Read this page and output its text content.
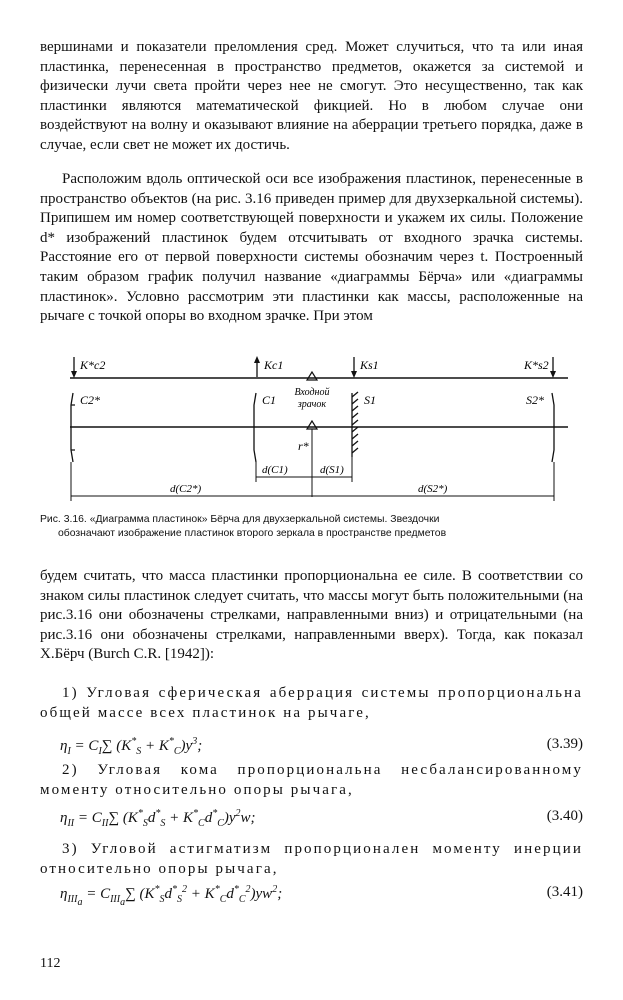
вершинами и показатели преломления сред. Может случиться, что та или иная пластинка, перенесенная в пространство предметов, окажется за системой и физически лучи света пройти через нее не смогут. Это несущественно, так как пластинки являются математической фикцией. Но в любом случае они воздействуют на волну и оказывают влияние на аберрации третьего порядка, даже в случае, если свет не может их достичь.

Расположим вдоль оптической оси все изображения пластинок, перенесенные в пространство объектов (на рис. 3.16 приведен пример для двухзеркальной системы). Припишем им номер соответствующей поверхности и укажем их силы. Положение d* изображений пластинок будем отсчитывать от входного зрачка системы. Расстояние его от первой поверхности системы обозначим через t. Построенный таким образом график получил название «диаграммы Бёрча» или «диаграммы пластинок». Условно рассмотрим эти пластинки как массы, расположенные на рычаге с точкой опоры во входном зрачке. При этом

K*c2	Kc1	Ks1	K*s2
C2*	C1	S1	S2*
Входной
зрачок
r*
d(C1)	d(S1)
d(C2*)	d(S2*)

Рис. 3.16. «Диаграмма пластинок» Бёрча для двухзеркальной системы. Звездочки
обозначают изображение пластинок второго зеркала в пространстве предметов

будем считать, что масса пластинки пропорциональна ее силе. В соответствии со знаком силы пластинок следует считать, что массы могут быть положительными (на рис.3.16 они обозначены стрелками, направленными вниз) и отрицательными (на рис.3.16 они обозначены стрелками, направленными вверх). Тогда, как показал Х.Бёрч (Burch C.R. [1942]):

1) Угловая сферическая аберрация системы пропорциональна общей массе всех пластинок на рычаге,

$\eta_I = C_I\sum$ $(K^*_S + K^*_C)y^3$;	(3.39)

2) Угловая кома пропорциональна несбалансированному моменту относительно опоры рычага,

$\eta_{II} = C_{II}\sum$ $(K^*_Sd^*_S + K^*_Cd^*_C)y^2w$;	(3.40)

3) Угловой астигматизм пропорционален моменту инерции относительно опоры рычага,

$\eta_{III_a} = C_{III_a}\sum$ $(K^*_Sd^*_S^2 + K^*_Cd^*_C^2)yw^2$;	(3.41)
112
